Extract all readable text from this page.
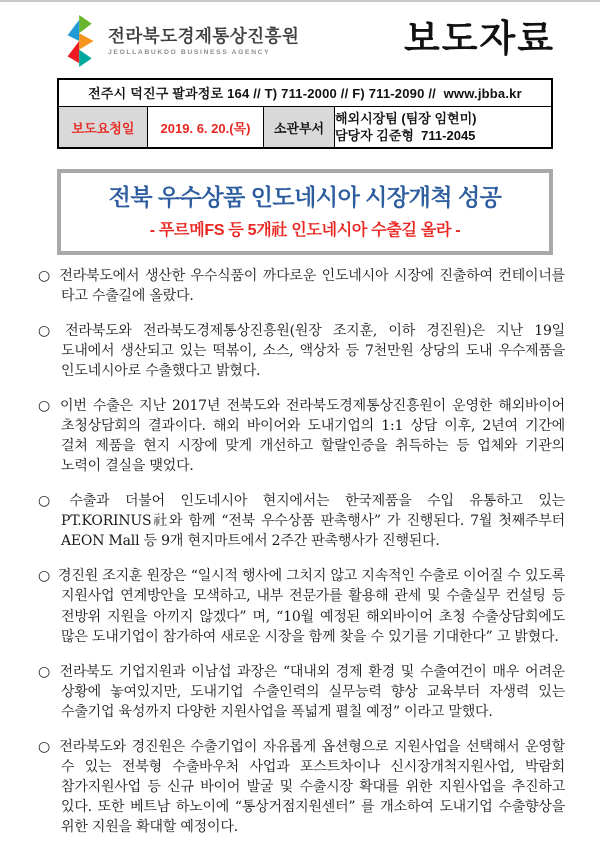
전라북도경제통상진흥원
JEOLLABUKDO BUSINESS AGENCY	보도자료
전주시 덕진구 팔과정로 164 // T) 711-2000 // F) 711-2090 //  www.jbba.kr
보도요청일	2019. 6. 20.(목)	소관부서
해외시장팀 (팀장 임현미)
담당자 김준형  711-2045
전북 우수상품 인도네시아 시장개척 성공
- 푸르메FS 등 5개社 인도네시아 수출길 올라 -
○ 전라북도에서 생산한 우수식품이 까다로운 인도네시아 시장에 진출하여 컨테이너를 타고 수출길에 올랐다.
○ 전라북도와 전라북도경제통상진흥원(원장 조지훈, 이하 경진원)은 지난 19일 도내에서 생산되고 있는 떡볶이, 소스, 액상차 등 7천만원 상당의 도내 우수제품을 인도네시아로 수출했다고 밝혔다.
○ 이번 수출은 지난 2017년 전북도와 전라북도경제통상진흥원이 운영한 해외바이어 초청상담회의 결과이다. 해외 바이어와 도내기업의 1:1 상담 이후, 2년여 기간에 걸쳐 제품을 현지 시장에 맞게 개선하고 할랄인증을 취득하는 등 업체와 기관의 노력이 결실을 맺었다.
○ 수출과 더불어 인도네시아 현지에서는 한국제품을 수입 유통하고 있는 PT.KORINUS社와 함께 “전북 우수상품 판촉행사” 가 진행된다. 7월 첫째주부터 AEON Mall 등 9개 현지마트에서 2주간 판촉행사가 진행된다.
○ 경진원 조지훈 원장은 “일시적 행사에 그치지 않고 지속적인 수출로 이어질 수 있도록 지원사업 연계방안을 모색하고, 내부 전문가를 활용해 관세 및 수출실무 컨설팅 등 전방위 지원을 아끼지 않겠다” 며, “10월 예정된 해외바이어 초청 수출상담회에도 많은 도내기업이 참가하여 새로운 시장을 함께 찾을 수 있기를 기대한다” 고 밝혔다.
○ 전라북도 기업지원과 이남섭 과장은 “대내외 경제 환경 및 수출여건이 매우 어려운 상황에 놓여있지만, 도내기업 수출인력의 실무능력 향상 교육부터 자생력 있는 수출기업 육성까지 다양한 지원사업을 폭넓게 펼칠 예정” 이라고 말했다.
○ 전라북도와 경진원은 수출기업이 자유롭게 옵션형으로 지원사업을 선택해서 운영할 수 있는 전북형 수출바우처 사업과 포스트차이나 신시장개척지원사업, 박람회 참가지원사업 등 신규 바이어 발굴 및 수출시장 확대를 위한 지원사업을 추진하고 있다. 또한 베트남 하노이에 “통상거점지원센터” 를 개소하여 도내기업 수출향상을 위한 지원을 확대할 예정이다.
